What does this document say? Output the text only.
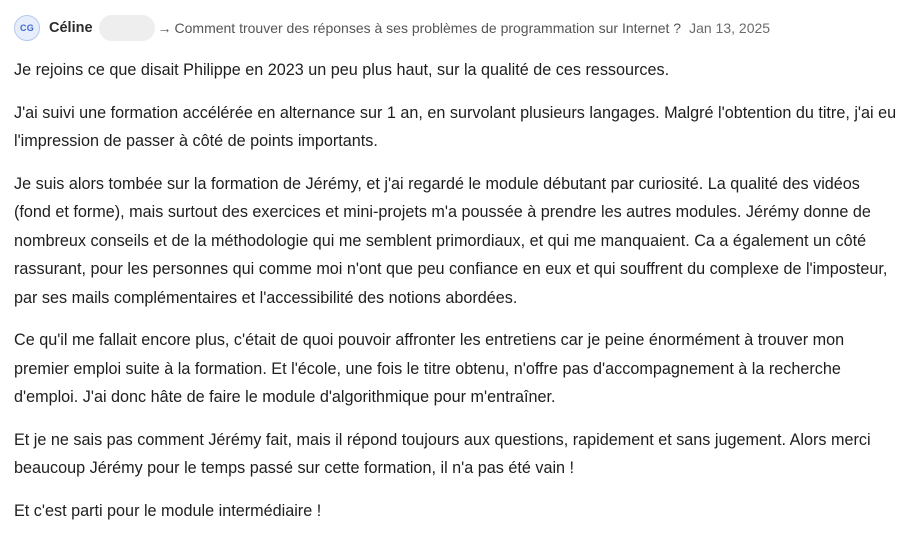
CG	Céline	→ Comment trouver des réponses à ses problèmes de programmation sur Internet ? Jan 13, 2025

Je rejoins ce que disait Philippe en 2023 un peu plus haut, sur la qualité de ces ressources.

J'ai suivi une formation accélérée en alternance sur 1 an, en survolant plusieurs langages. Malgré l'obtention du titre, j'ai eu l'impression de passer à côté de points importants.

Je suis alors tombée sur la formation de Jérémy, et j'ai regardé le module débutant par curiosité. La qualité des vidéos (fond et forme), mais surtout des exercices et mini-projets m'a poussée à prendre les autres modules. Jérémy donne de nombreux conseils et de la méthodologie qui me semblent primordiaux, et qui me manquaient. Ca a également un côté rassurant, pour les personnes qui comme moi n'ont que peu confiance en eux et qui souffrent du complexe de l'imposteur, par ses mails complémentaires et l'accessibilité des notions abordées.

Ce qu'il me fallait encore plus, c'était de quoi pouvoir affronter les entretiens car je peine énormément à trouver mon premier emploi suite à la formation. Et l'école, une fois le titre obtenu, n'offre pas d'accompagnement à la recherche d'emploi. J'ai donc hâte de faire le module d'algorithmique pour m'entraîner.

Et je ne sais pas comment Jérémy fait, mais il répond toujours aux questions, rapidement et sans jugement. Alors merci beaucoup Jérémy pour le temps passé sur cette formation, il n'a pas été vain !

Et c'est parti pour le module intermédiaire !
